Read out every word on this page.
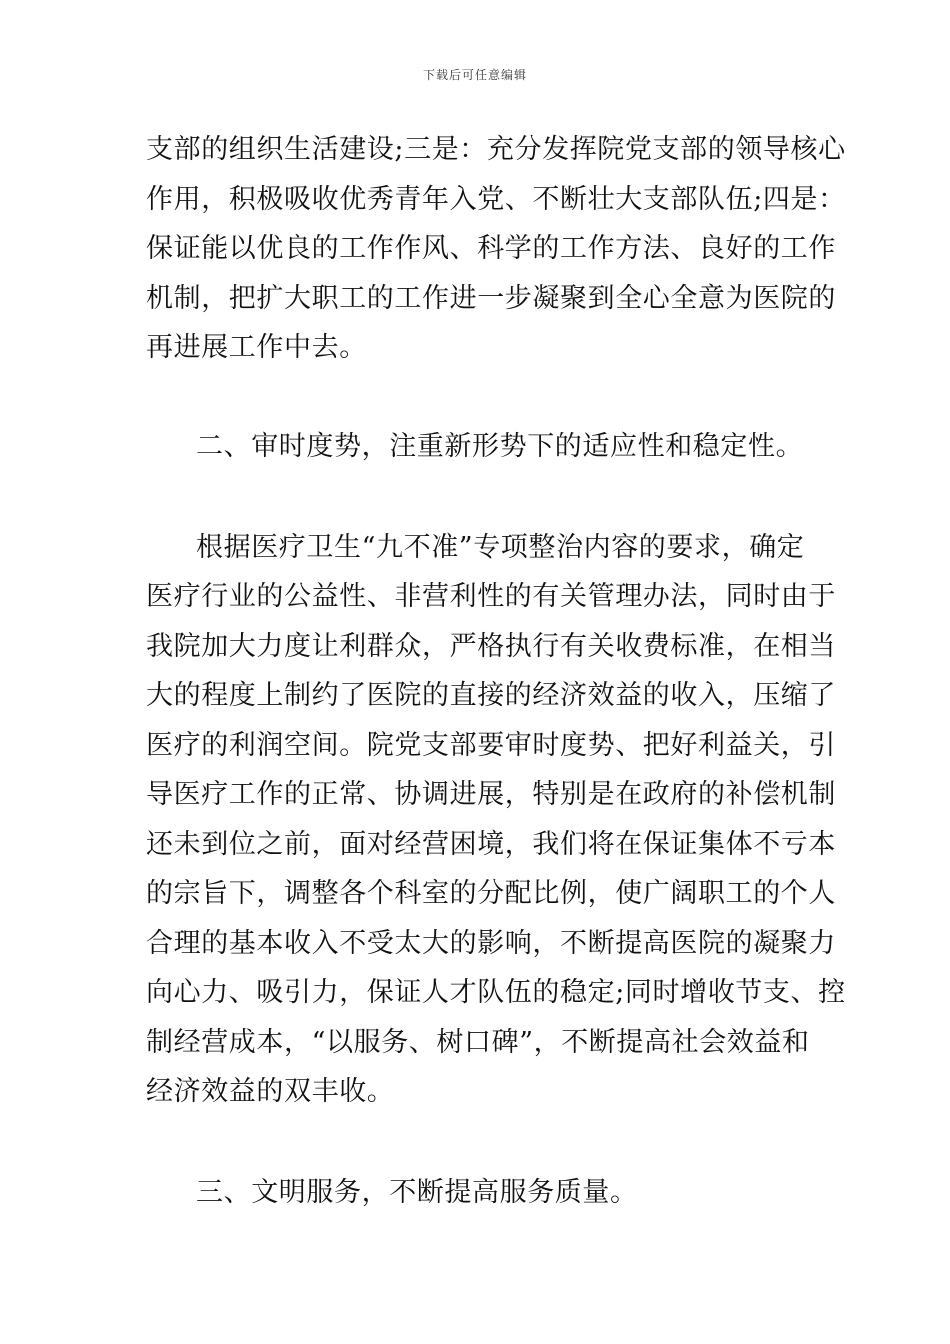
下载后可任意编辑
支部的组织生活建设;三是：充分发挥院党支部的领导核心
作用，积极吸收优秀青年入党、不断壮大支部队伍;四是：
保证能以优良的工作作风、科学的工作方法、良好的工作
机制，把扩大职工的工作进一步凝聚到全心全意为医院的
再进展工作中去。
二、审时度势，注重新形势下的适应性和稳定性。
根据医疗卫生“九不准”专项整治内容的要求，确定
医疗行业的公益性、非营利性的有关管理办法，同时由于
我院加大力度让利群众，严格执行有关收费标准，在相当
大的程度上制约了医院的直接的经济效益的收入，压缩了
医疗的利润空间。院党支部要审时度势、把好利益关，引
导医疗工作的正常、协调进展，特别是在政府的补偿机制
还未到位之前，面对经营困境，我们将在保证集体不亏本
的宗旨下，调整各个科室的分配比例，使广阔职工的个人
合理的基本收入不受太大的影响，不断提高医院的凝聚力
向心力、吸引力，保证人才队伍的稳定;同时增收节支、控
制经营成本，“以服务、树口碑”，不断提高社会效益和
经济效益的双丰收。
三、文明服务，不断提高服务质量。
